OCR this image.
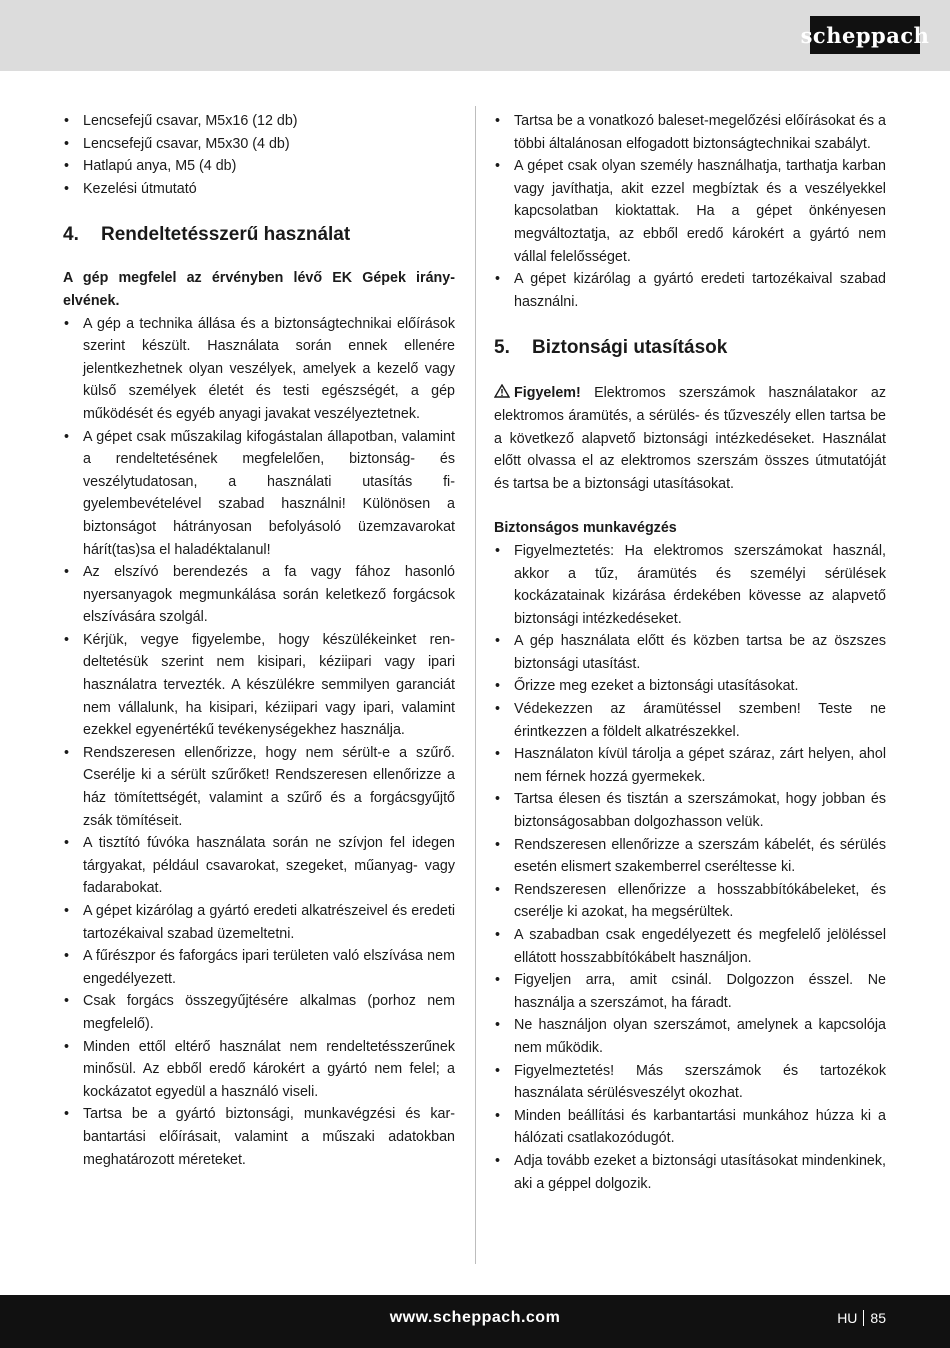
scheppach
• Lencsefejű csavar, M5x16 (12 db)
• Lencsefejű csavar, M5x30 (4 db)
• Hatlapú anya, M5 (4 db)
• Kezelési útmutató
4.	Rendeltetésszerű használat

A gép megfelel az érvényben lévő EK Gépek irányelvének.

• A gép a technika állása és a biztonságtechnikai előírások szerint készült. Használata során ennek ellenére jelentkezhetnek olyan veszélyek, amelyek a kezelő vagy külső személyek életét és testi egészségét, a gép működését és egyéb anyagi javakat veszélyeztetnek.
• A gépet csak műszakilag kifogástalan állapotban, valamint a rendeltetésének megfelelően, biztonság- és veszélytudatosan, a használati utasítás figyelembevételével szabad használni! Különösen a biztonságot hátrányosan befolyásoló üzemzavarokat hárít(tas)sa el haladéktalanul!
• Az elszívó berendezés a fa vagy fához hasonló nyersanyagok megmunkálása során keletkező forgácsok elszívására szolgál.
• Kérjük, vegye figyelembe, hogy készülékeinket rendeltetésük szerint nem kisipari, kéziipari vagy ipari használatra tervezték. A készülékre semmilyen garanciát nem vállalunk, ha kisipari, kéziipari vagy ipari, valamint ezekkel egyenértékű tevékenységekhez használja.
• Rendszeresen ellenőrizze, hogy nem sérült-e a szűrő. Cserélje ki a sérült szűrőket! Rendszeresen ellenőrizze a ház tömítettségét, valamint a szűrő és a forgácsgyűjtő zsák tömítéseit.
• A tisztító fúvóka használata során ne szívjon fel idegen tárgyakat, például csavarokat, szegeket, műanyag- vagy fadarabokat.
• A gépet kizárólag a gyártó eredeti alkatrészeivel és eredeti tartozékaival szabad üzemeltetni.
• A fűrészpor és faforgács ipari területen való elszívása nem engedélyezett.
• Csak forgács összegyűjtésére alkalmas (porhoz nem megfelelő).
• Minden ettől eltérő használat nem rendeltetésszerűnek minősül. Az ebből eredő károkért a gyártó nem felel; a kockázatot egyedül a használó viseli.
• Tartsa be a gyártó biztonsági, munkavégzési és karbantartási előírásait, valamint a műszaki adatokban meghatározott méreteket.
• Tartsa be a vonatkozó baleset-megelőzési előírásokat és a többi általánosan elfogadott biztonságtechnikai szabályt.
• A gépet csak olyan személy használhatja, tarthatja karban vagy javíthatja, akit ezzel megbíztak és a veszélyekkel kapcsolatban kioktattak. Ha a gépet önkényesen megváltoztatja, az ebből eredő károkért a gyártó nem vállal felelősséget.
• A gépet kizárólag a gyártó eredeti tartozékaival szabad használni.
5.	Biztonsági utasítások

Figyelem! Elektromos szerszámok használatakor az elektromos áramütés, a sérülés- és tűzveszély ellen tartsa be a következő alapvető biztonsági intézkedéseket. Használat előtt olvassa el az elektromos szerszám összes útmutatóját és tartsa be a biztonsági utasításokat.

Biztonságos munkavégzés

• Figyelmeztetés: Ha elektromos szerszámokat használ, akkor a tűz, áramütés és személyi sérülések kockázatainak kizárása érdekében kövesse az alapvető biztonsági intézkedéseket.
• A gép használata előtt és közben tartsa be az öszszes biztonsági utasítást.
• Őrizze meg ezeket a biztonsági utasításokat.
• Védekezzen az áramütéssel szemben! Teste ne érintkezzen a földelt alkatrészekkel.
• Használaton kívül tárolja a gépet száraz, zárt helyen, ahol nem férnek hozzá gyermekek.
• Tartsa élesen és tisztán a szerszámokat, hogy jobban és biztonságosabban dolgozhasson velük.
• Rendszeresen ellenőrizze a szerszám kábelét, és sérülés esetén elismert szakemberrel cseréltesse ki.
• Rendszeresen ellenőrizze a hosszabbítókábeleket, és cserélje ki azokat, ha megsérültek.
• A szabadban csak engedélyezett és megfelelő jelöléssel ellátott hosszabbítókábelt használjon.
• Figyeljen arra, amit csinál. Dolgozzon ésszel. Ne használja a szerszámot, ha fáradt.
• Ne használjon olyan szerszámot, amelynek a kapcsolója nem működik.
• Figyelmeztetés! Más szerszámok és tartozékok használata sérülésveszélyt okozhat.
• Minden beállítási és karbantartási munkához húzza ki a hálózati csatlakozódugót.
• Adja tovább ezeket a biztonsági utasításokat mindenkinek, aki a géppel dolgozik.
www.scheppach.com	HU 85
